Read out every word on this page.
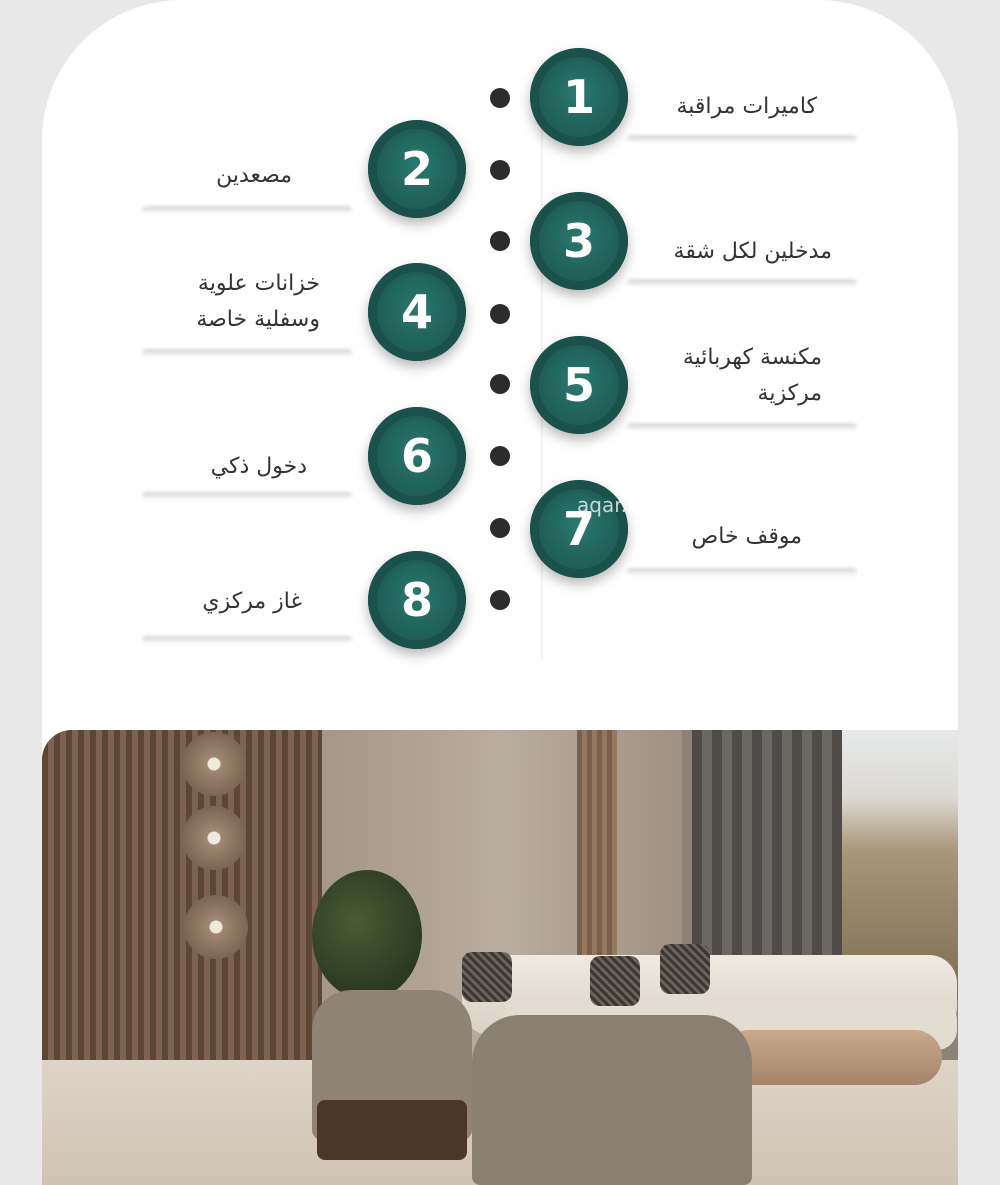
1	كاميرات مراقبة
2
مصعدين
3	مدخلين لكل شقة
4
خزانات علوية وسفلية خاصة
5
مكنسة كهربائية مركزية
6
دخول ذكي
7	موقف خاص
8
غاز مركزي
aqar.fm
